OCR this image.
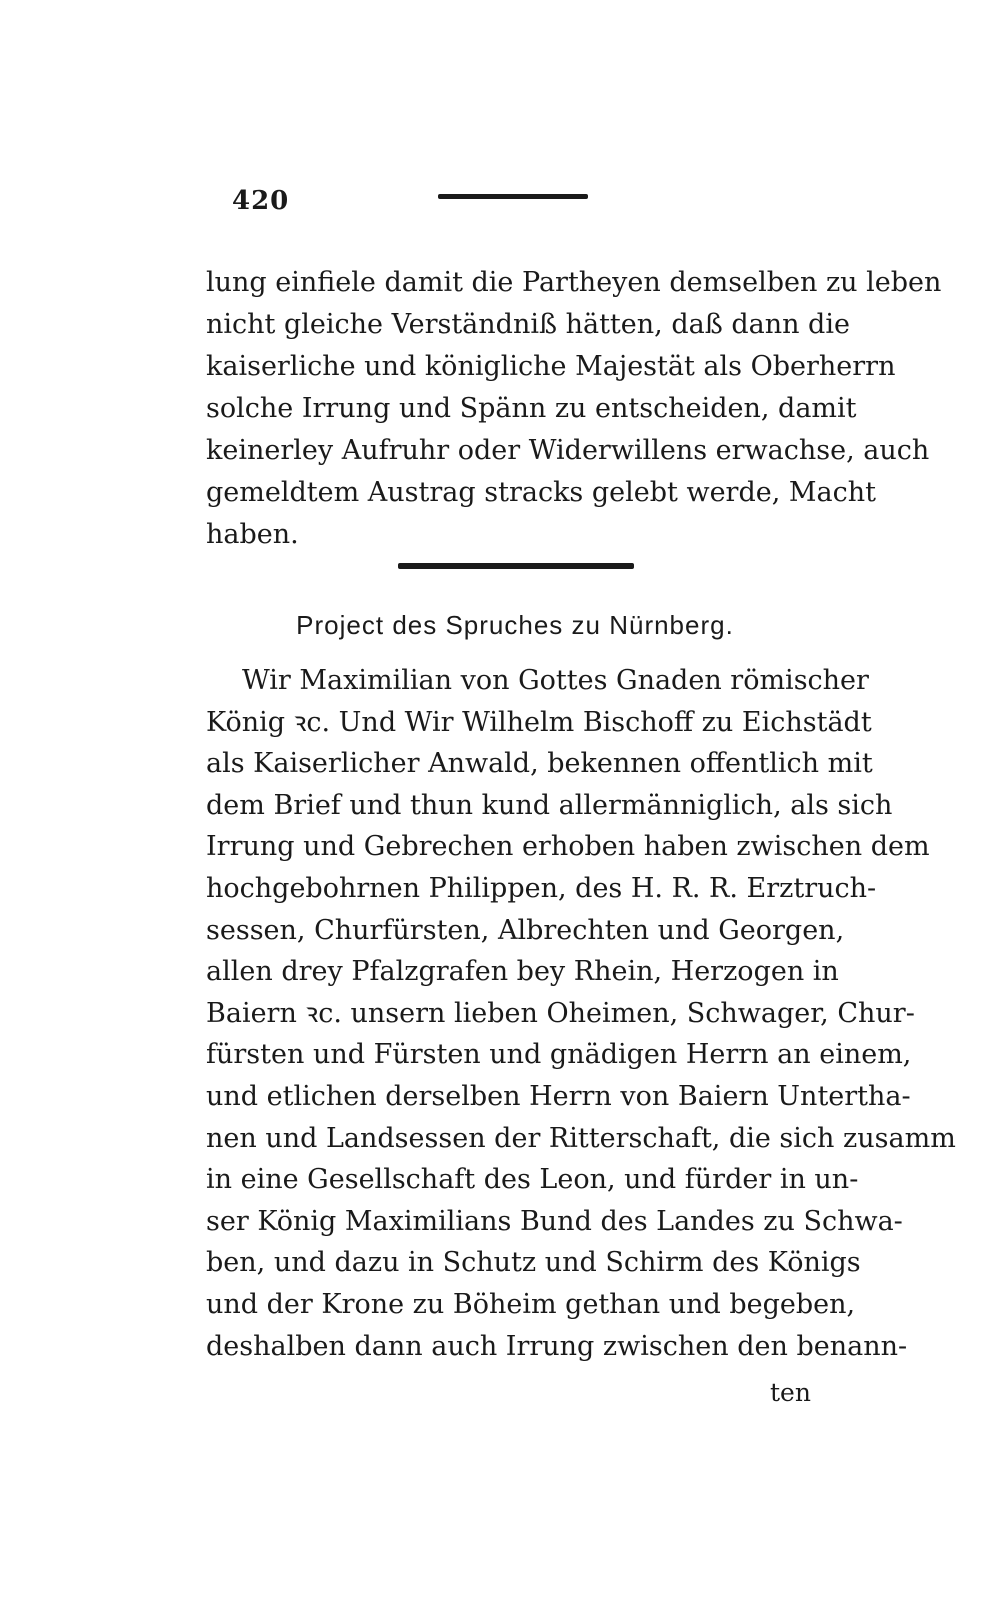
420
lung einfiele damit die Partheyen demselben zu leben
nicht gleiche Verständniß hätten, daß dann die
kaiserliche und königliche Majestät als Oberherrn
solche Irrung und Spänn zu entscheiden, damit
keinerley Aufruhr oder Widerwillens erwachse, auch
gemeldtem Austrag stracks gelebt werde, Macht
haben.
Project des Spruches zu Nürnberg.
Wir Maximilian von Gottes Gnaden römischer
König ꝛc. Und Wir Wilhelm Bischoff zu Eichstädt
als Kaiserlicher Anwald, bekennen offentlich mit
dem Brief und thun kund allermänniglich, als sich
Irrung und Gebrechen erhoben haben zwischen dem
hochgebohrnen Philippen, des H. R. R. Erztruch-
sessen, Churfürsten, Albrechten und Georgen,
allen drey Pfalzgrafen bey Rhein, Herzogen in
Baiern ꝛc. unsern lieben Oheimen, Schwager, Chur-
fürsten und Fürsten und gnädigen Herrn an einem,
und etlichen derselben Herrn von Baiern Untertha-
nen und Landsessen der Ritterschaft, die sich zusamm
in eine Gesellschaft des Leon, und fürder in un-
ser König Maximilians Bund des Landes zu Schwa-
ben, und dazu in Schutz und Schirm des Königs
und der Krone zu Böheim gethan und begeben,
deshalben dann auch Irrung zwischen den benann-
ten
